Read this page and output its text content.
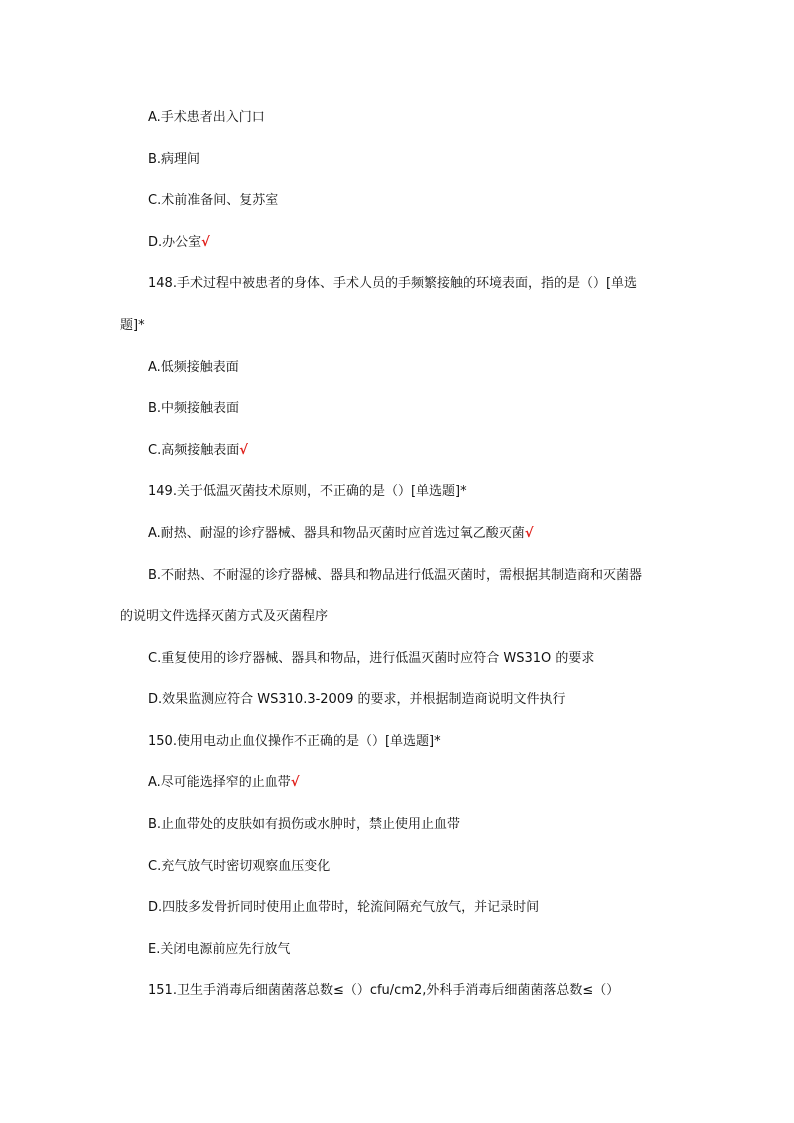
A.手术患者出入门口
B.病理间
C.术前准备间、复苏室
D.办公室√
148.手术过程中被患者的身体、手术人员的手频繁接触的环境表面，指的是（）[单选
题]*
A.低频接触表面
B.中频接触表面
C.高频接触表面√
149.关于低温灭菌技术原则，不正确的是（）[单选题]*
A.耐热、耐湿的诊疗器械、器具和物品灭菌时应首选过氧乙酸灭菌√
B.不耐热、不耐湿的诊疗器械、器具和物品进行低温灭菌时，需根据其制造商和灭菌器
的说明文件选择灭菌方式及灭菌程序
C.重复使用的诊疗器械、器具和物品，进行低温灭菌时应符合 WS31O 的要求
D.效果监测应符合 WS310.3-2009 的要求，并根据制造商说明文件执行
150.使用电动止血仪操作不正确的是（）[单选题]*
A.尽可能选择窄的止血带√
B.止血带处的皮肤如有损伤或水肿时，禁止使用止血带
C.充气放气时密切观察血压变化
D.四肢多发骨折同时使用止血带时，轮流间隔充气放气，并记录时间
E.关闭电源前应先行放气
151.卫生手消毒后细菌菌落总数≤（）cfu/cm2,外科手消毒后细菌菌落总数≤（）
